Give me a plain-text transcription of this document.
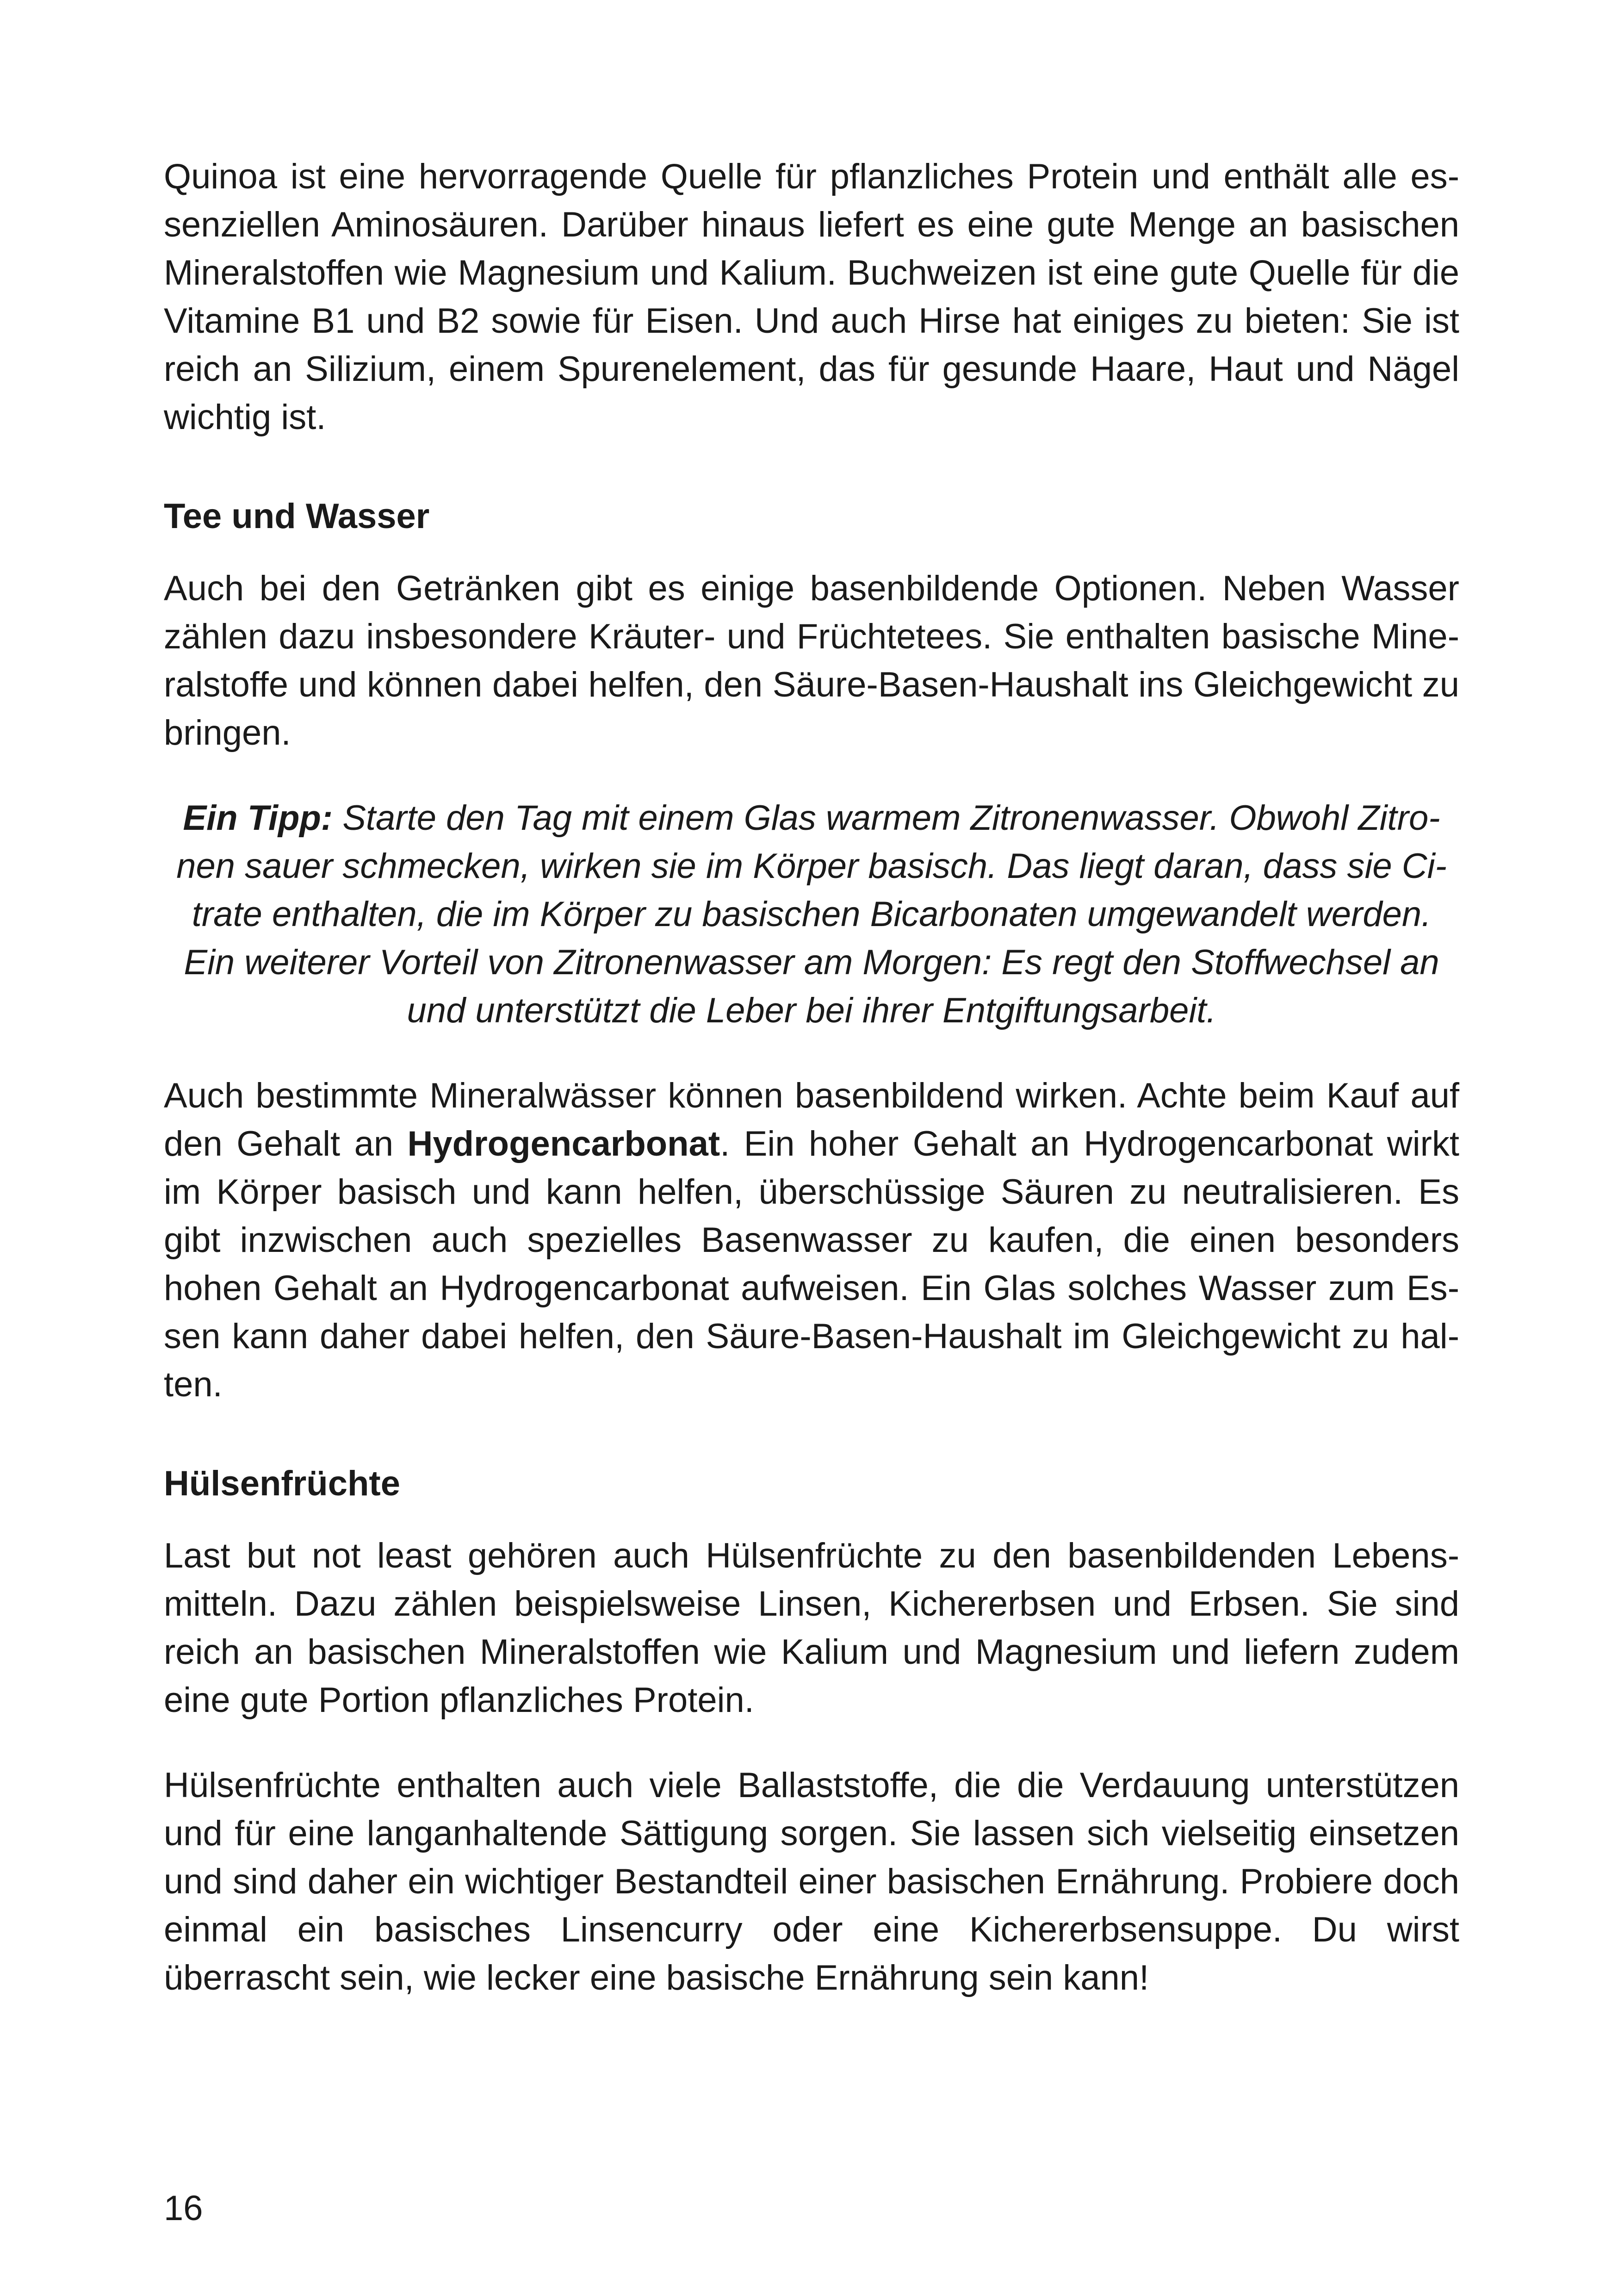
Quinoa ist eine hervorragende Quelle für pflanzliches Protein und enthält alle essenziellen Aminosäuren. Darüber hinaus liefert es eine gute Menge an basischen Mineralstoffen wie Magnesium und Kalium. Buchweizen ist eine gute Quelle für die Vitamine B1 und B2 sowie für Eisen. Und auch Hirse hat einiges zu bieten: Sie ist reich an Silizium, einem Spurenelement, das für gesunde Haare, Haut und Nägel wichtig ist.

Tee und Wasser

Auch bei den Getränken gibt es einige basenbildende Optionen. Neben Wasser zählen dazu insbesondere Kräuter- und Früchtetees. Sie enthalten basische Mineralstoffe und können dabei helfen, den Säure-Basen-Haushalt ins Gleichgewicht zu bringen.

Ein Tipp: Starte den Tag mit einem Glas warmem Zitronenwasser. Obwohl Zitronen sauer schmecken, wirken sie im Körper basisch. Das liegt daran, dass sie Citrate enthalten, die im Körper zu basischen Bicarbonaten umgewandelt werden. Ein weiterer Vorteil von Zitronenwasser am Morgen: Es regt den Stoffwechsel an und unterstützt die Leber bei ihrer Entgiftungsarbeit.

Auch bestimmte Mineralwässer können basenbildend wirken. Achte beim Kauf auf den Gehalt an Hydrogencarbonat. Ein hoher Gehalt an Hydrogencarbonat wirkt im Körper basisch und kann helfen, überschüssige Säuren zu neutralisieren. Es gibt inzwischen auch spezielles Basenwasser zu kaufen, die einen besonders hohen Gehalt an Hydrogencarbonat aufweisen. Ein Glas solches Wasser zum Essen kann daher dabei helfen, den Säure-Basen-Haushalt im Gleichgewicht zu halten.

Hülsenfrüchte

Last but not least gehören auch Hülsenfrüchte zu den basenbildenden Lebensmitteln. Dazu zählen beispielsweise Linsen, Kichererbsen und Erbsen. Sie sind reich an basischen Mineralstoffen wie Kalium und Magnesium und liefern zudem eine gute Portion pflanzliches Protein.

Hülsenfrüchte enthalten auch viele Ballaststoffe, die die Verdauung unterstützen und für eine langanhaltende Sättigung sorgen. Sie lassen sich vielseitig einsetzen und sind daher ein wichtiger Bestandteil einer basischen Ernährung. Probiere doch einmal ein basisches Linsencurry oder eine Kichererbsensuppe. Du wirst überrascht sein, wie lecker eine basische Ernährung sein kann!

16
